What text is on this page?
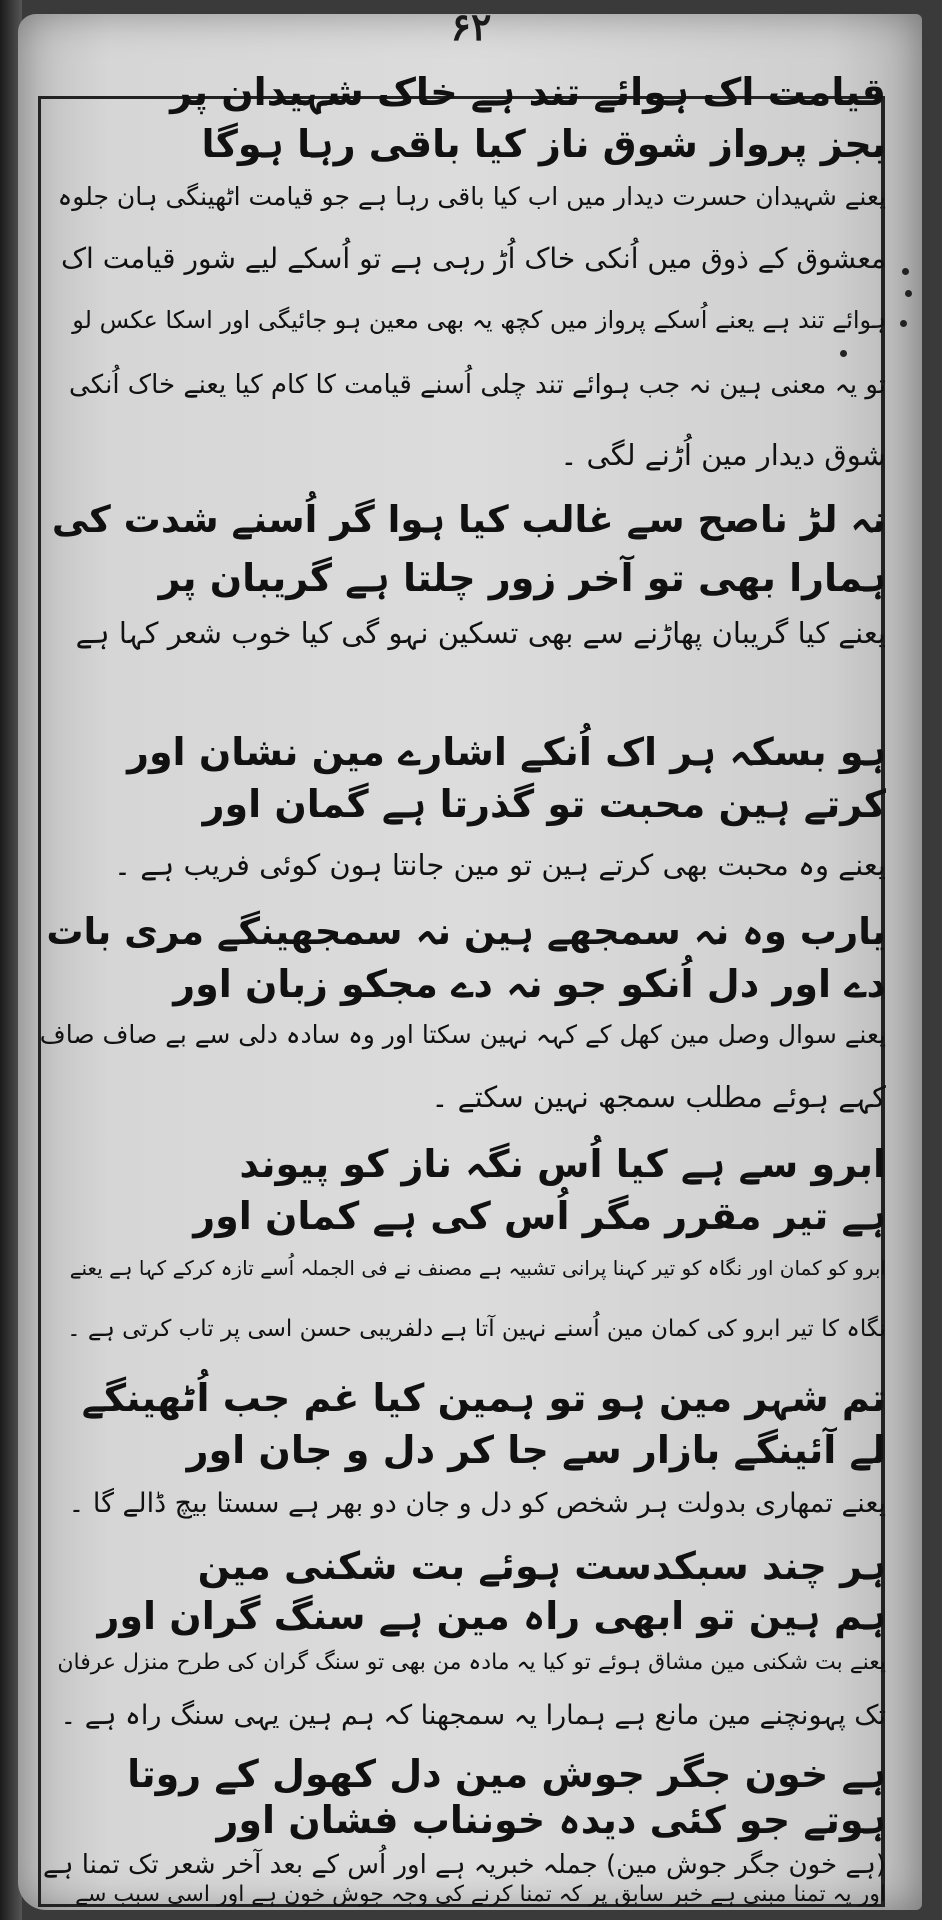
۶۲
قیامت اک ہوائے تند ہے خاک شہیدان پر
بجز پرواز شوق ناز کیا باقی رہا ہوگا
یعنے شہیدان حسرت دیدار میں اب کیا باقی رہا ہے جو قیامت اٹھینگی ہان جلوہ
معشوق کے ذوق میں اُنکی خاک اُڑ رہی ہے تو اُسکے لیے شور قیامت اک
ہوائے تند ہے یعنے اُسکے پرواز میں کچھ یہ بھی معین ہو جائیگی اور اسکا عکس لو
تو یہ معنی ہین نہ جب ہوائے تند چلی اُسنے قیامت کا کام کیا یعنے خاک اُنکی
شوق دیدار مین اُڑنے لگی ۔
نہ لڑ ناصح سے غالب کیا ہوا گر اُسنے شدت کی
ہمارا بھی تو آخر زور چلتا ہے گریبان پر
یعنے کیا گریبان پھاڑنے سے بھی تسکین نہو گی کیا خوب شعر کہا ہے
ہو بسکہ ہر اک اُنکے اشارے مین نشان اور
کرتے ہین محبت تو گذرتا ہے گمان اور
یعنے وہ محبت بھی کرتے ہین تو مین جانتا ہون کوئی فریب ہے ۔
یارب وہ نہ سمجھے ہین نہ سمجھینگے مری بات
دے اور دل اُنکو جو نہ دے مجکو زبان اور
یعنے سوال وصل مین کھل کے کہہ نہین سکتا اور وہ سادہ دلی سے بے صاف صاف
کہے ہوئے مطلب سمجھ نہین سکتے ۔
ابرو سے ہے کیا اُس نگہ ناز کو پیوند
ہے تیر مقرر مگر اُس کی ہے کمان اور
ابرو کو کمان اور نگاہ کو تیر کہنا پرانی تشبیہ ہے مصنف نے فی الجملہ اُسے تازہ کرکے کہا ہے یعنے
نگاہ کا تیر ابرو کی کمان مین اُسنے نہین آتا ہے دلفریبی حسن اسی پر تاب کرتی ہے ۔
تم شہر مین ہو تو ہمین کیا غم جب اُٹھینگے
لے آئینگے بازار سے جا کر دل و جان اور
یعنے تمھاری بدولت ہر شخص کو دل و جان دو بھر ہے سستا بیچ ڈالے گا ۔
ہر چند سبکدست ہوئے بت شکنی مین
ہم ہین تو ابھی راہ مین ہے سنگ گران اور
یعنے بت شکنی مین مشاق ہوئے تو کیا یہ مادہ من بھی تو سنگ گران کی طرح منزل عرفان
تک پہونچنے مین مانع ہے ہمارا یہ سمجھنا کہ ہم ہین یہی سنگ راہ ہے ۔
ہے خون جگر جوش مین دل کھول کے روتا
ہوتے جو کئی دیدہ خونناب فشان اور
(ہے خون جگر جوش مین) جملہ خبریہ ہے اور اُس کے بعد آخر شعر تک تمنا ہے
اور یہ تمنا مبنی ہے خبر سابق پر کہ تمنا کرنے کی وجہ جوش خون ہے اور اسی سبب سے
